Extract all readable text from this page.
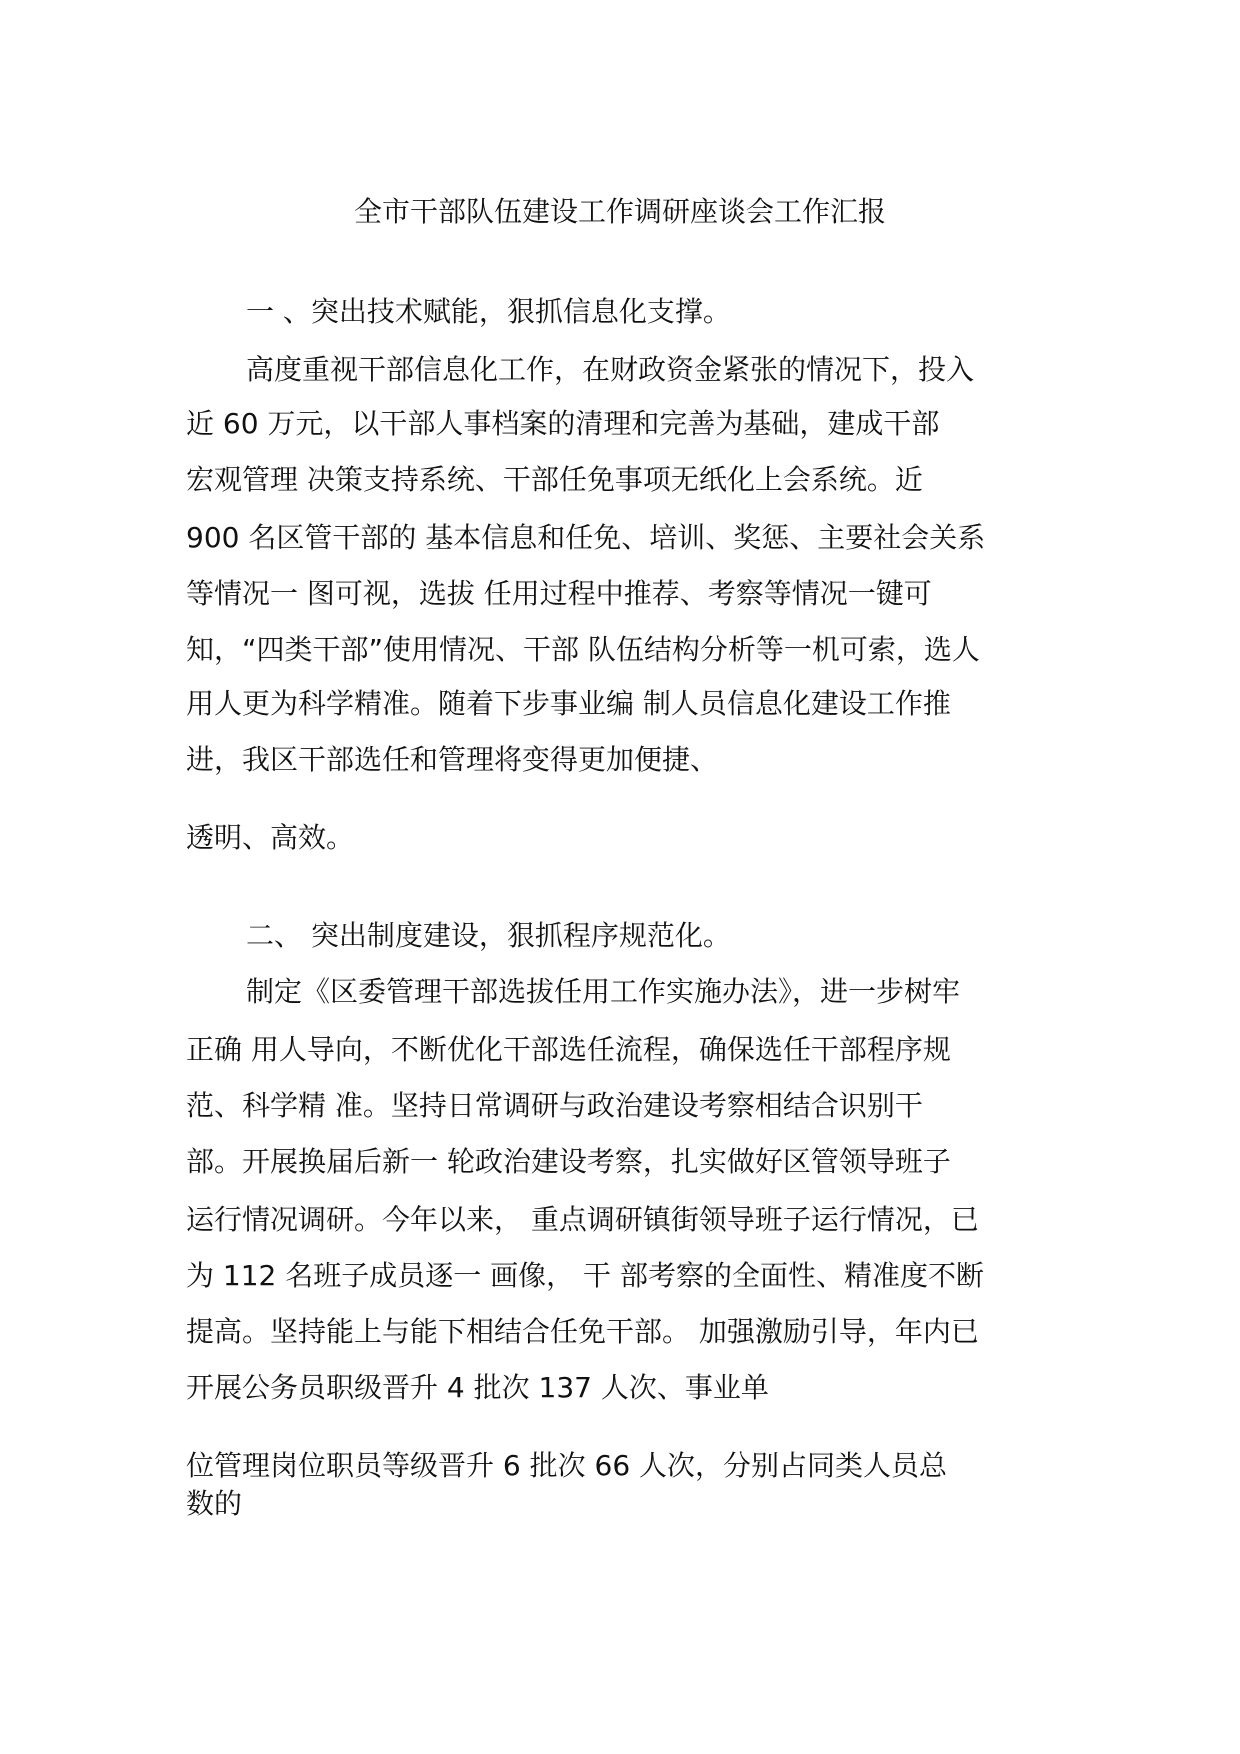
全市干部队伍建设工作调研座谈会工作汇报
一 、突出技术赋能，狠抓信息化支撑。
高度重视干部信息化工作，在财政资金紧张的情况下，投入
近 60 万元，以干部人事档案的清理和完善为基础，建成干部
宏观管理 决策支持系统、干部任免事项无纸化上会系统。近
900 名区管干部的 基本信息和任免、培训、奖惩、主要社会关系
等情况一 图可视，选拔 任用过程中推荐、考察等情况一键可
知，“四类干部”使用情况、干部 队伍结构分析等一机可索，选人
用人更为科学精准。随着下步事业编 制人员信息化建设工作推
进，我区干部选任和管理将变得更加便捷、
透明、高效。
二、 突出制度建设，狠抓程序规范化。
制定《区委管理干部选拔任用工作实施办法》，进一步树牢
正确 用人导向，不断优化干部选任流程，确保选任干部程序规
范、科学精 准。坚持日常调研与政治建设考察相结合识别干
部。开展换届后新一 轮政治建设考察，扎实做好区管领导班子
运行情况调研。今年以来， 重点调研镇街领导班子运行情况，已
为 112 名班子成员逐一 画像， 干 部考察的全面性、精准度不断
提高。坚持能上与能下相结合任免干部。 加强激励引导，年内已
开展公务员职级晋升 4 批次 137 人次、事业单
位管理岗位职员等级晋升 6 批次 66 人次，分别占同类人员总
数的
